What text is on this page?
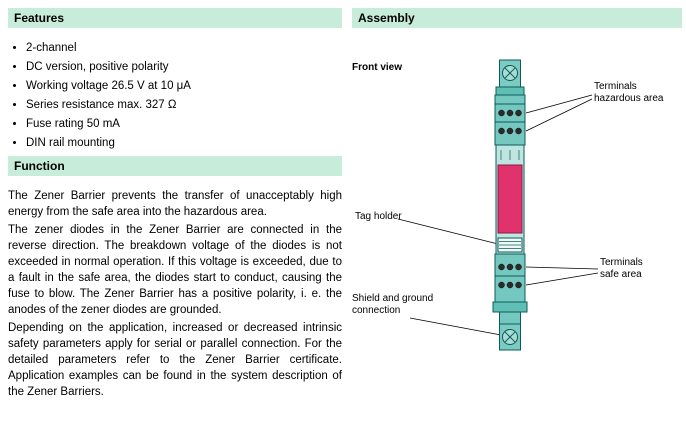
Features
• 2-channel
• DC version, positive polarity
• Working voltage 26.5 V at 10 μA
• Series resistance max. 327 Ω
• Fuse rating 50 mA
• DIN rail mounting
Function

The Zener Barrier prevents the transfer of unacceptably high energy from the safe area into the hazardous area.

The zener diodes in the Zener Barrier are connected in the reverse direction. The breakdown voltage of the diodes is not exceeded in normal operation. If this voltage is exceeded, due to a fault in the safe area, the diodes start to conduct, causing the fuse to blow. The Zener Barrier has a positive polarity, i. e. the anodes of the zener diodes are grounded.

Depending on the application, increased or decreased intrinsic safety parameters apply for serial or parallel connection. For the detailed parameters refer to the Zener Barrier certificate. Application examples can be found in the system description of the Zener Barriers.

Assembly
Front view
Terminals hazardous area
Tag holder
Terminals safe area
Shield and ground connection
